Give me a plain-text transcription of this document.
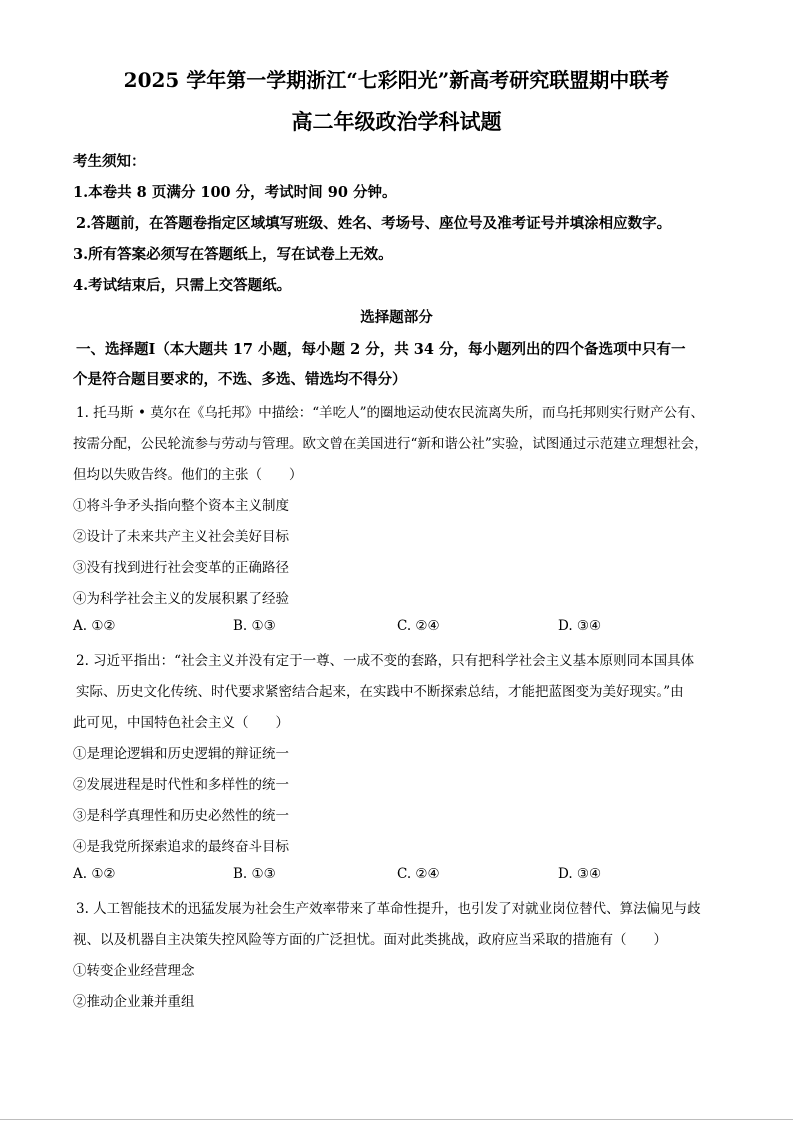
2025 学年第一学期浙江“七彩阳光”新高考研究联盟期中联考
高二年级政治学科试题
考生须知：
1.本卷共 8 页满分 100 分，考试时间 90 分钟。
2.答题前，在答题卷指定区域填写班级、姓名、考场号、座位号及准考证号并填涂相应数字。
3.所有答案必须写在答题纸上，写在试卷上无效。
4.考试结束后，只需上交答题纸。
选择题部分
一、选择题Ⅰ（本大题共 17 小题，每小题 2 分，共 34 分，每小题列出的四个备选项中只有一
个是符合题目要求的，不选、多选、错选均不得分）
1. 托马斯 • 莫尔在《乌托邦》中描绘：“羊吃人”的圈地运动使农民流离失所，而乌托邦则实行财产公有、
按需分配，公民轮流参与劳动与管理。欧文曾在美国进行“新和谐公社”实验，试图通过示范建立理想社会，
但均以失败告终。他们的主张（　　）
①将斗争矛头指向整个资本主义制度
②设计了未来共产主义社会美好目标
③没有找到进行社会变革的正确路径
④为科学社会主义的发展积累了经验
A. ①②	B. ①③	C. ②④	D. ③④
2. 习近平指出：“社会主义并没有定于一尊、一成不变的套路，只有把科学社会主义基本原则同本国具体
实际、历史文化传统、时代要求紧密结合起来，在实践中不断探索总结，才能把蓝图变为美好现实。”由
此可见，中国特色社会主义（　　）
①是理论逻辑和历史逻辑的辩证统一
②发展进程是时代性和多样性的统一
③是科学真理性和历史必然性的统一
④是我党所探索追求的最终奋斗目标
A. ①②	B. ①③	C. ②④	D. ③④
3. 人工智能技术的迅猛发展为社会生产效率带来了革命性提升，也引发了对就业岗位替代、算法偏见与歧
视、以及机器自主决策失控风险等方面的广泛担忧。面对此类挑战，政府应当采取的措施有（　　）
①转变企业经营理念
②推动企业兼并重组
